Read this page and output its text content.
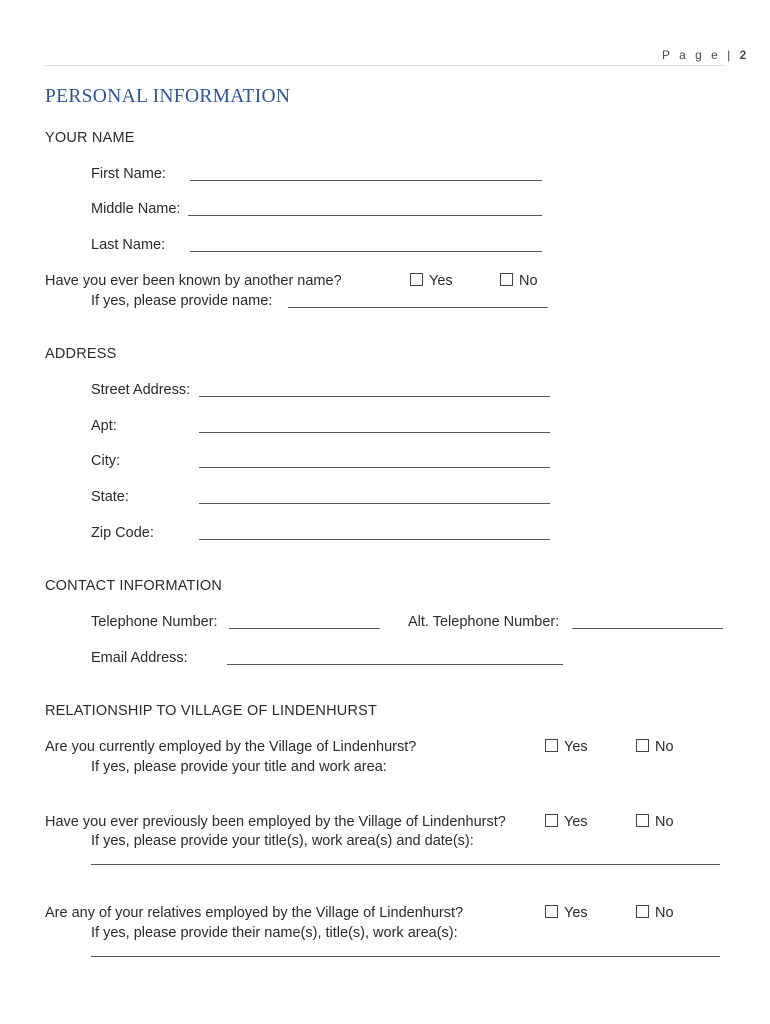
P a g e | 2
PERSONAL INFORMATION
YOUR NAME
First Name:
Middle Name:
Last Name:
Have you ever been known by another name?	Yes	No
If yes, please provide name:
ADDRESS
Street Address:
Apt:
City:
State:
Zip Code:
CONTACT INFORMATION
Telephone Number:	Alt. Telephone Number:
Email Address:
RELATIONSHIP TO VILLAGE OF LINDENHURST
Are you currently employed by the Village of Lindenhurst?	Yes	No
If yes, please provide your title and work area:
Have you ever previously been employed by the Village of Lindenhurst?	Yes	No
If yes, please provide your title(s), work area(s) and date(s):
Are any of your relatives employed by the Village of Lindenhurst?	Yes	No
If yes, please provide their name(s), title(s), work area(s):
